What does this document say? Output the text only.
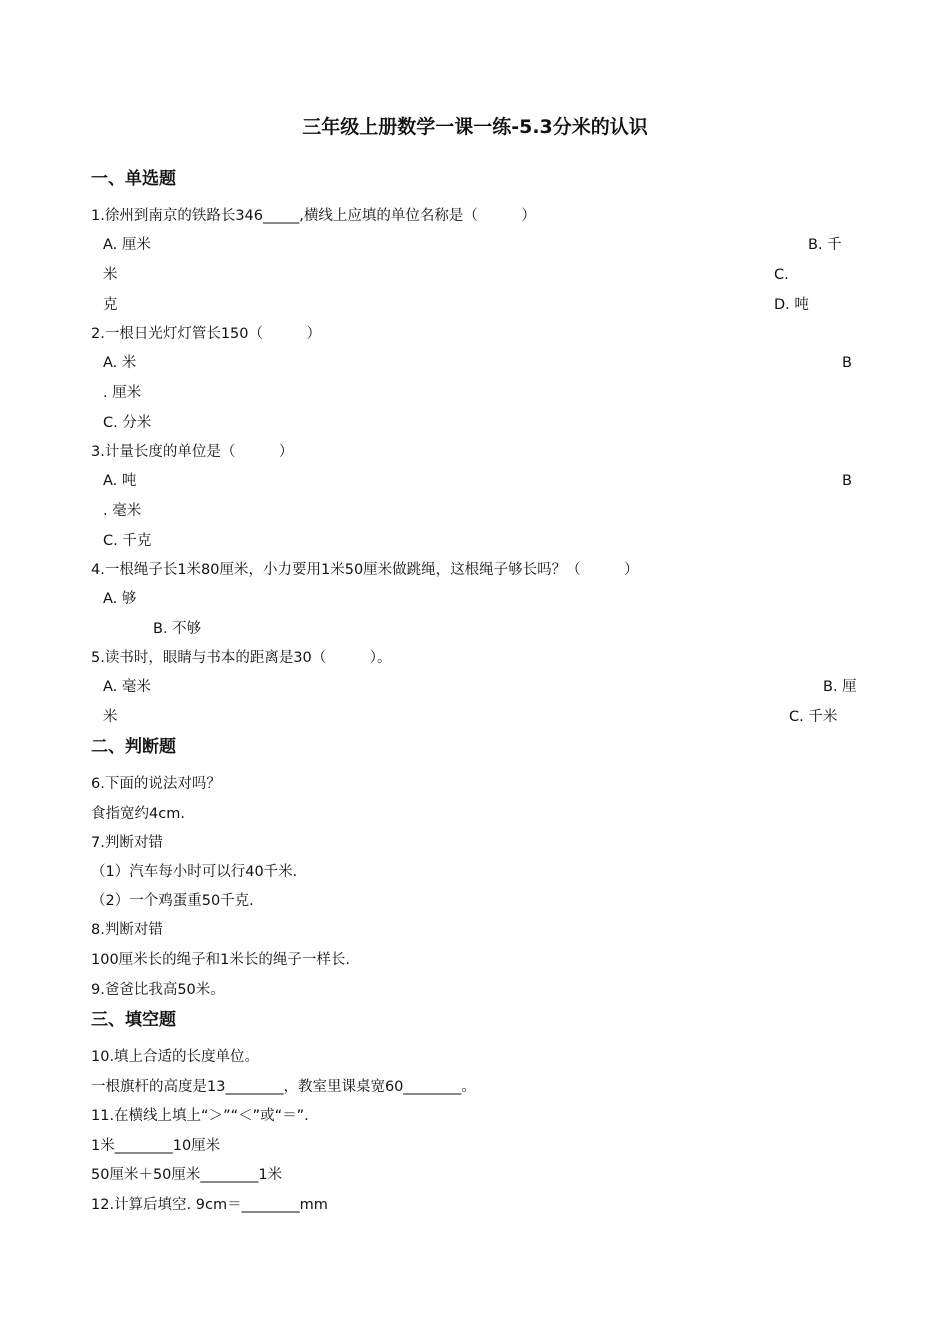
三年级上册数学一课一练-5.3分米的认识
一、单选题
1.徐州到南京的铁路长346_____,横线上应填的单位名称是（　　　）
A. 厘米	B. 千
米	C.
克	D. 吨
2.一根日光灯灯管长150（　　　）
A. 米	B
. 厘米
C. 分米
3.计量长度的单位是（　　　）
A. 吨	B
. 毫米
C. 千克
4.一根绳子长1米80厘米，小力要用1米50厘米做跳绳，这根绳子够长吗？（　　　）
A. 够
B. 不够
5.读书时，眼睛与书本的距离是30（　　　）。
A. 毫米	B. 厘
米	C. 千米
二、判断题
6.下面的说法对吗？
食指宽约4cm.
7.判断对错
（1）汽车每小时可以行40千米.
（2）一个鸡蛋重50千克.
8.判断对错
100厘米长的绳子和1米长的绳子一样长.
9.爸爸比我高50米。
三、填空题
10.填上合适的长度单位。
一根旗杆的高度是13________，教室里课桌宽60________。
11.在横线上填上“＞”“＜”或“＝”.
1米________10厘米
50厘米＋50厘米________1米
12.计算后填空. 9cm＝________mm
